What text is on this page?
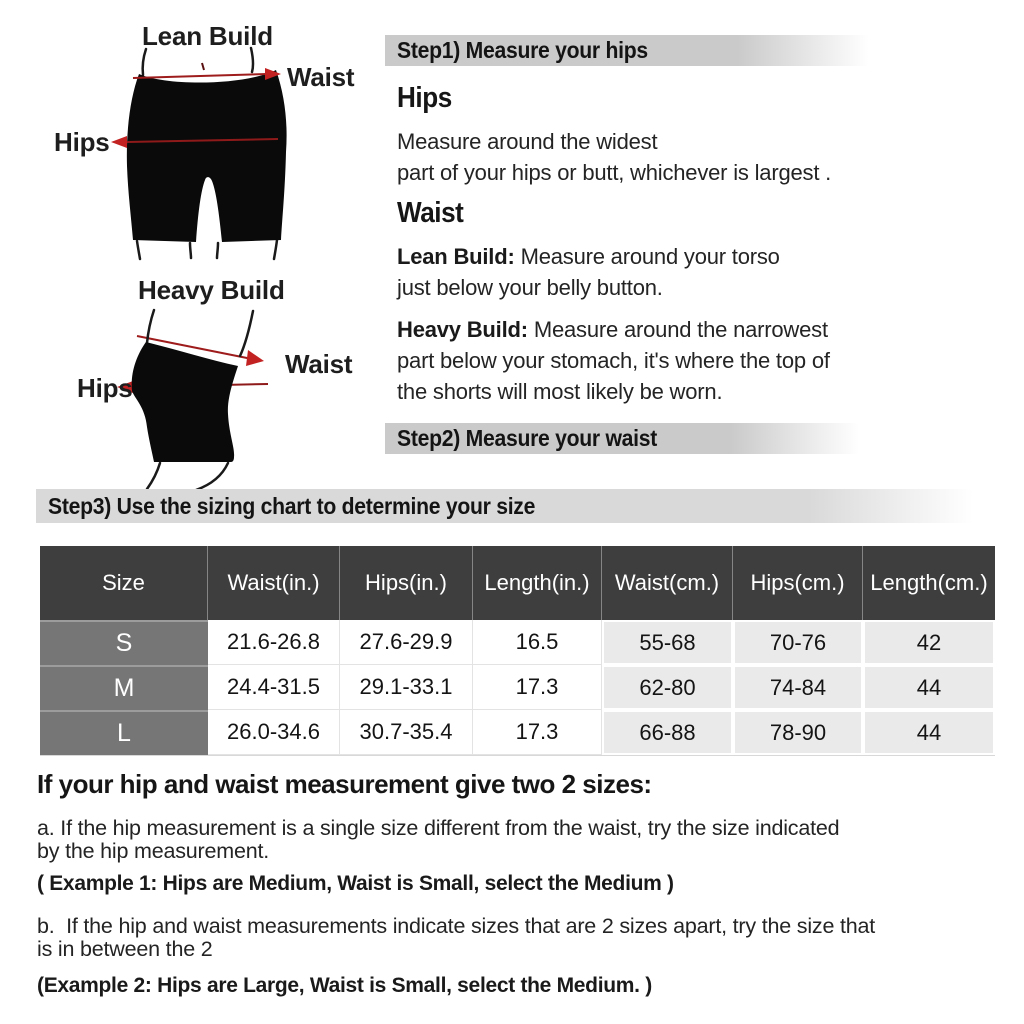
Lean Build
Waist
Hips
Heavy Build
Waist
Hips
Step1) Measure your hips
Hips
Measure around the widest
part of your hips or butt, whichever is largest .
Waist
Lean Build: Measure around your torso
just below your belly button.
Heavy Build: Measure around the narrowest
part below your stomach, it's where the top of
the shorts will most likely be worn.
Step2) Measure your waist
Step3) Use the sizing chart to determine your size
Size	Waist(in.)	Hips(in.)	Length(in.)	Waist(cm.)	Hips(cm.)	Length(cm.)
S	21.6-26.8	27.6-29.9	16.5	55-68	70-76	42
M	24.4-31.5	29.1-33.1	17.3	62-80	74-84	44
L	26.0-34.6	30.7-35.4	17.3	66-88	78-90	44
If your hip and waist measurement give two 2 sizes:
a. If the hip measurement is a single size different from the waist, try the size indicated
by the hip measurement.
( Example 1: Hips are Medium, Waist is Small, select the Medium )
b.  If the hip and waist measurements indicate sizes that are 2 sizes apart, try the size that
is in between the 2
(Example 2: Hips are Large, Waist is Small, select the Medium. )
